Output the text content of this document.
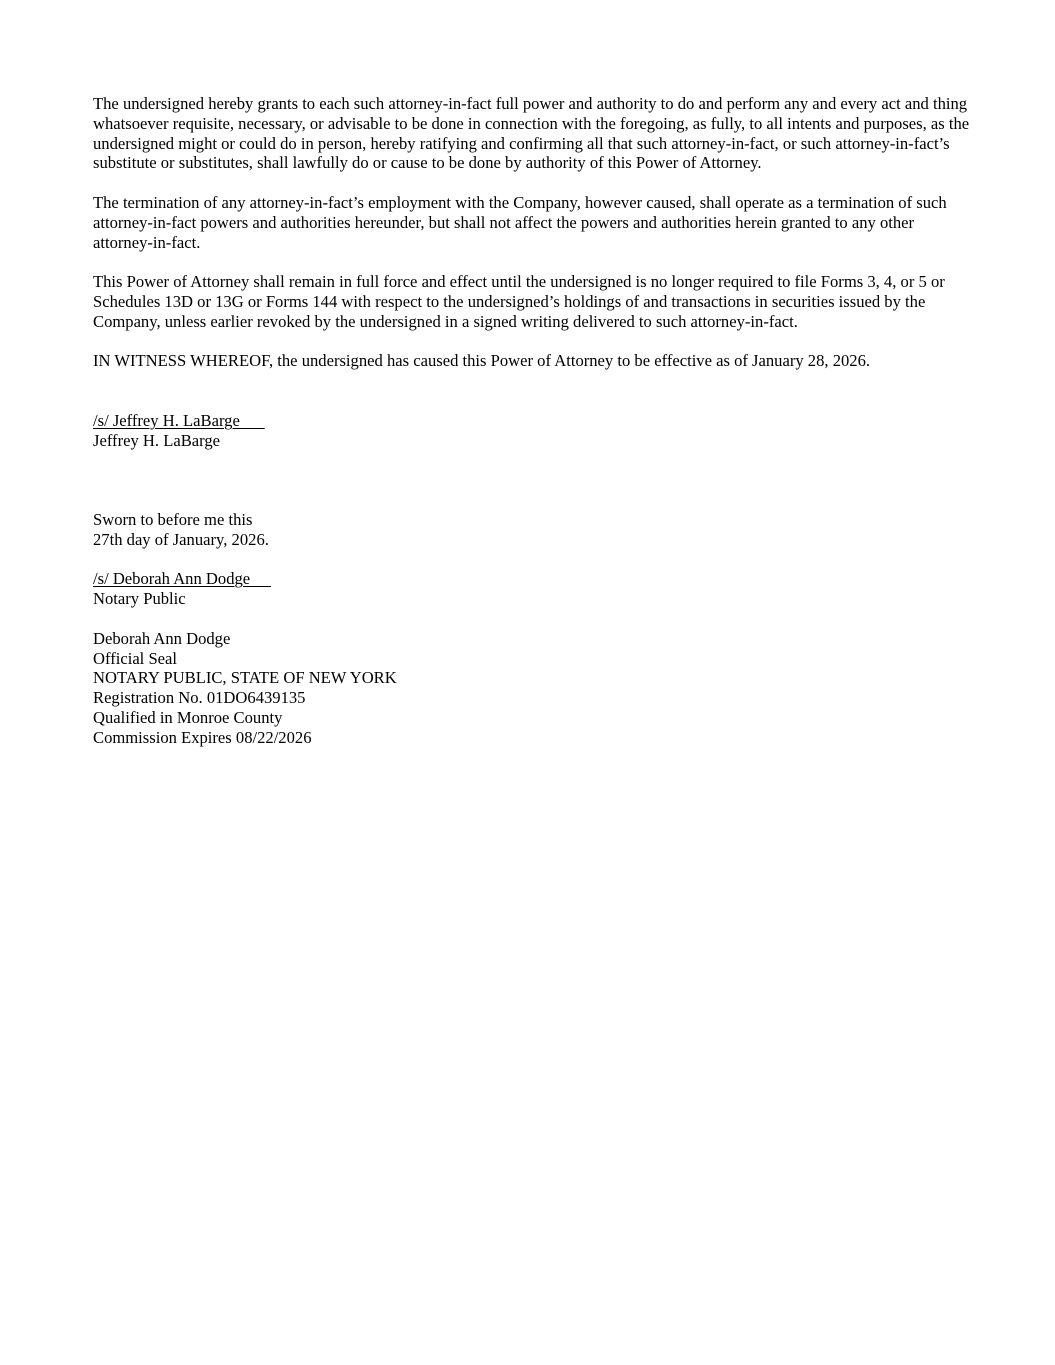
The undersigned hereby grants to each such attorney-in-fact full power and authority to do and perform any and every act and thing whatsoever requisite, necessary, or advisable to be done in connection with the foregoing, as fully, to all intents and purposes, as the undersigned might or could do in person, hereby ratifying and confirming all that such attorney-in-fact, or such attorney-in-fact’s substitute or substitutes, shall lawfully do or cause to be done by authority of this Power of Attorney.

The termination of any attorney-in-fact’s employment with the Company, however caused, shall operate as a termination of such attorney-in-fact powers and authorities hereunder, but shall not affect the powers and authorities herein granted to any other attorney-in-fact.

This Power of Attorney shall remain in full force and effect until the undersigned is no longer required to file Forms 3, 4, or 5 or Schedules 13D or 13G or Forms 144 with respect to the undersigned’s holdings of and transactions in securities issued by the Company, unless earlier revoked by the undersigned in a signed writing delivered to such attorney-in-fact.

IN WITNESS WHEREOF, the undersigned has caused this Power of Attorney to be effective as of January 28, 2026.

/s/ Jeffrey H. LaBarge
Jeffrey H. LaBarge
Sworn to before me this
27th day of January, 2026.
/s/ Deborah Ann Dodge
Notary Public
Deborah Ann Dodge
Official Seal
NOTARY PUBLIC, STATE OF NEW YORK
Registration No. 01DO6439135
Qualified in Monroe County
Commission Expires 08/22/2026
